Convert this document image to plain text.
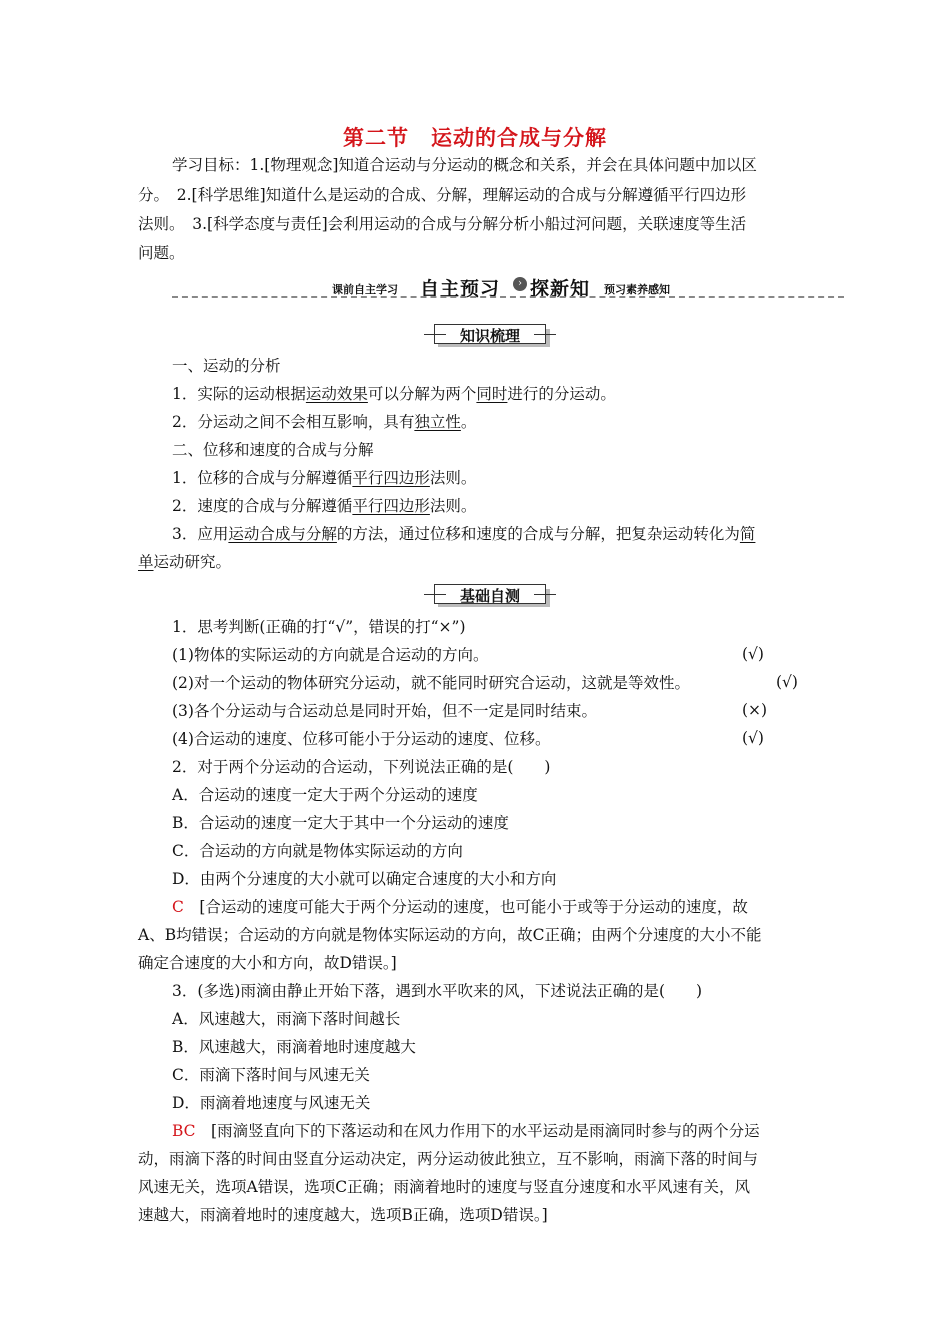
第二节　运动的合成与分解
学习目标：1.[物理观念]知道合运动与分运动的概念和关系，并会在具体问题中加以区
分。　2.[科学思维]知道什么是运动的合成、分解，理解运动的合成与分解遵循平行四边形
法则。　3.[科学态度与责任]会利用运动的合成与分解分析小船过河问题，关联速度等生活
问题。
课前自主学习 自主预习	› 探新知 预习素养感知
知识梳理
一、运动的分析
1．实际的运动根据运动效果可以分解为两个同时进行的分运动。
2．分运动之间不会相互影响，具有独立性。
二、位移和速度的合成与分解
1．位移的合成与分解遵循平行四边形法则。
2．速度的合成与分解遵循平行四边形法则。
3．应用运动合成与分解的方法，通过位移和速度的合成与分解，把复杂运动转化为简
单运动研究。
基础自测
1．思考判断(正确的打“√”，错误的打“×”)
(1)物体的实际运动的方向就是合运动的方向。	(√)
(2)对一个运动的物体研究分运动，就不能同时研究合运动，这就是等效性。	(√)
(3)各个分运动与合运动总是同时开始，但不一定是同时结束。	(×)
(4)合运动的速度、位移可能小于分运动的速度、位移。	(√)
2．对于两个分运动的合运动，下列说法正确的是(　　)
A．合运动的速度一定大于两个分运动的速度
B．合运动的速度一定大于其中一个分运动的速度
C．合运动的方向就是物体实际运动的方向
D．由两个分速度的大小就可以确定合速度的大小和方向
C　[合运动的速度可能大于两个分运动的速度，也可能小于或等于分运动的速度，故
A、B均错误；合运动的方向就是物体实际运动的方向，故C正确；由两个分速度的大小不能
确定合速度的大小和方向，故D错误。]
3．(多选)雨滴由静止开始下落，遇到水平吹来的风，下述说法正确的是(　　)
A．风速越大，雨滴下落时间越长
B．风速越大，雨滴着地时速度越大
C．雨滴下落时间与风速无关
D．雨滴着地速度与风速无关
BC　[雨滴竖直向下的下落运动和在风力作用下的水平运动是雨滴同时参与的两个分运
动，雨滴下落的时间由竖直分运动决定，两分运动彼此独立，互不影响，雨滴下落的时间与
风速无关，选项A错误，选项C正确；雨滴着地时的速度与竖直分速度和水平风速有关，风
速越大，雨滴着地时的速度越大，选项B正确，选项D错误。]
